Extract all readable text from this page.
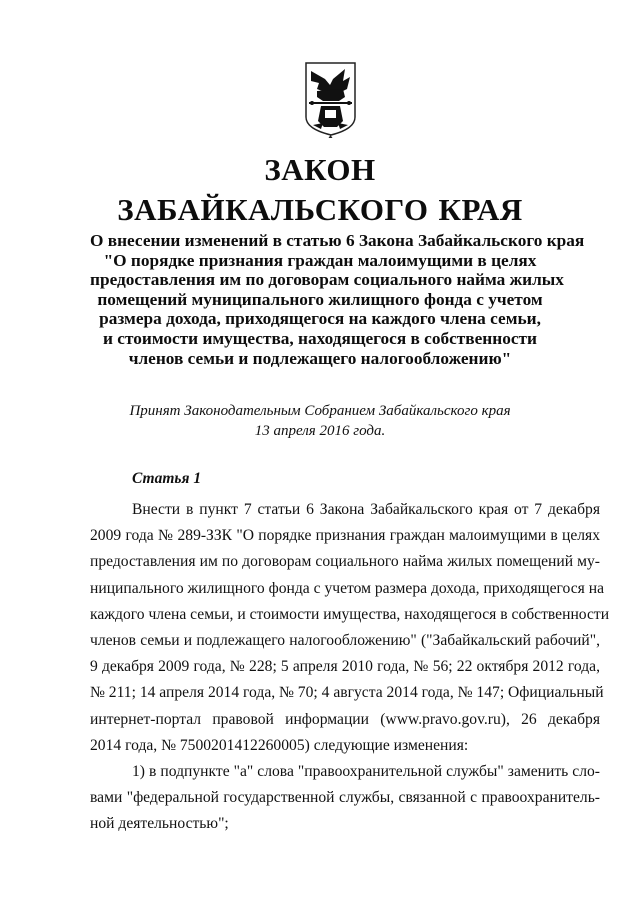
ЗАКОН
ЗАБАЙКАЛЬСКОГО КРАЯ
О внесении изменений в статью 6 Закона Забайкальского края
"О порядке признания граждан малоимущими в целях
предоставления им по договорам социального найма жилых
помещений муниципального жилищного фонда с учетом
размера дохода, приходящегося на каждого члена семьи,
и стоимости имущества, находящегося в собственности
членов семьи и подлежащего налогообложению"
Принят Законодательным Собранием Забайкальского края
13 апреля 2016 года.
Статья 1
Внести в пункт 7 статьи 6 Закона Забайкальского края от 7 декабря
2009 года № 289-ЗЗК "О порядке признания граждан малоимущими в целях
предоставления им по договорам социального найма жилых помещений му-
ниципального жилищного фонда с учетом размера дохода, приходящегося на
каждого члена семьи, и стоимости имущества, находящегося в собственности
членов семьи и подлежащего налогообложению" ("Забайкальский рабочий",
9 декабря 2009 года, № 228; 5 апреля 2010 года, № 56; 22 октября 2012 года,
№ 211; 14 апреля 2014 года, № 70; 4 августа 2014 года, № 147; Официальный
интернет-портал правовой информации (www.pravo.gov.ru), 26 декабря
2014 года, № 7500201412260005) следующие изменения:
1) в подпункте "а" слова "правоохранительной службы" заменить сло-
вами "федеральной государственной службы, связанной с правоохранитель-
ной деятельностью";
